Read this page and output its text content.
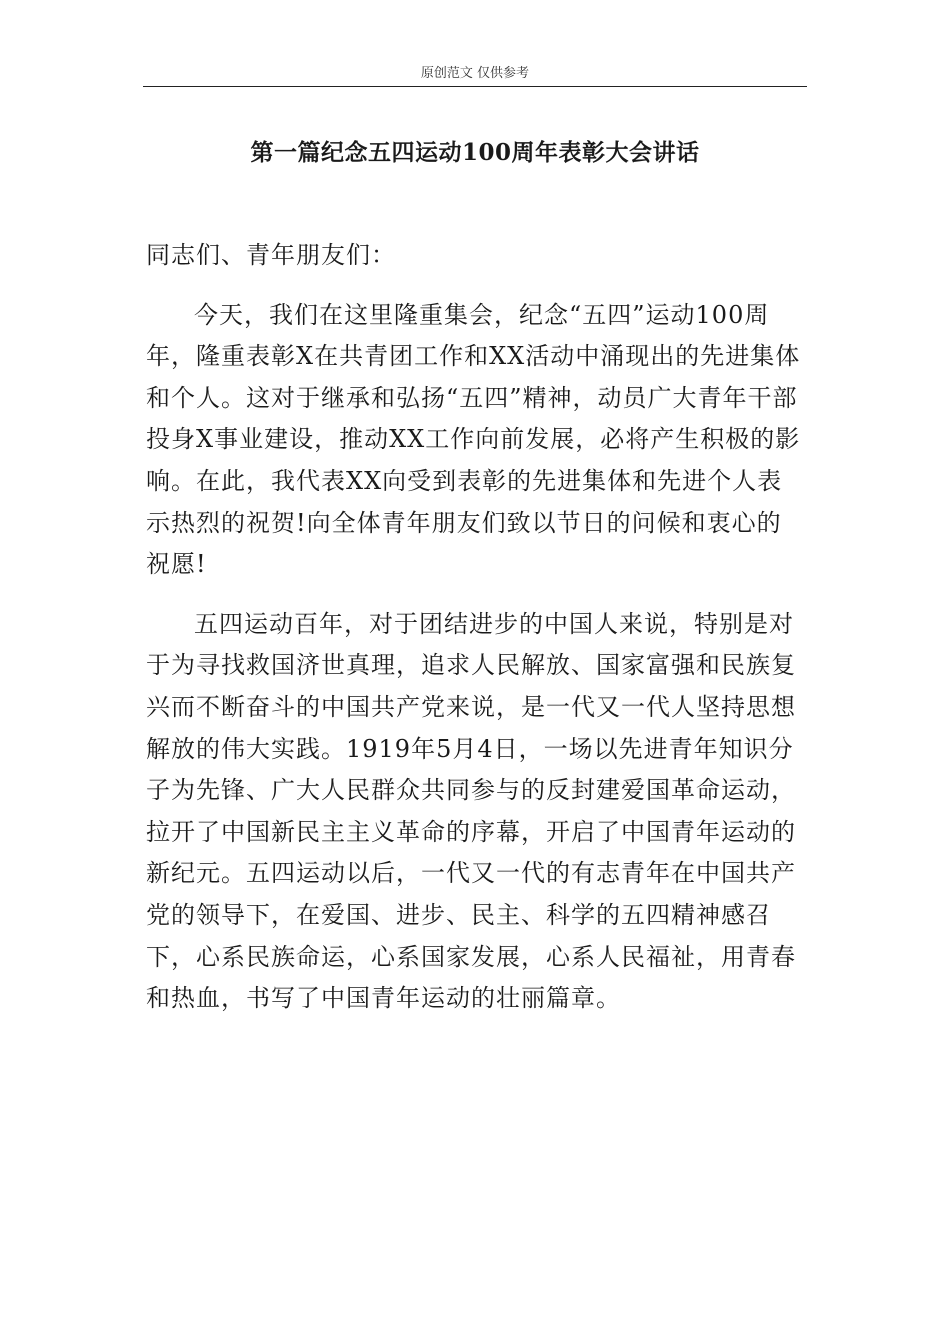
原创范文 仅供参考
第一篇纪念五四运动100周年表彰大会讲话

同志们、青年朋友们：

今天，我们在这里隆重集会，纪念“五四”运动100周年，隆重表彰X在共青团工作和XX活动中涌现出的先进集体和个人。这对于继承和弘扬“五四”精神，动员广大青年干部投身X事业建设，推动XX工作向前发展，必将产生积极的影响。在此，我代表XX向受到表彰的先进集体和先进个人表示热烈的祝贺!向全体青年朋友们致以节日的问候和衷心的祝愿!

五四运动百年，对于团结进步的中国人来说，特别是对于为寻找救国济世真理，追求人民解放、国家富强和民族复兴而不断奋斗的中国共产党来说，是一代又一代人坚持思想解放的伟大实践。1919年5月4日，一场以先进青年知识分子为先锋、广大人民群众共同参与的反封建爱国革命运动，拉开了中国新民主主义革命的序幕，开启了中国青年运动的新纪元。五四运动以后，一代又一代的有志青年在中国共产党的领导下，在爱国、进步、民主、科学的五四精神感召下，心系民族命运，心系国家发展，心系人民福祉，用青春和热血，书写了中国青年运动的壮丽篇章。
